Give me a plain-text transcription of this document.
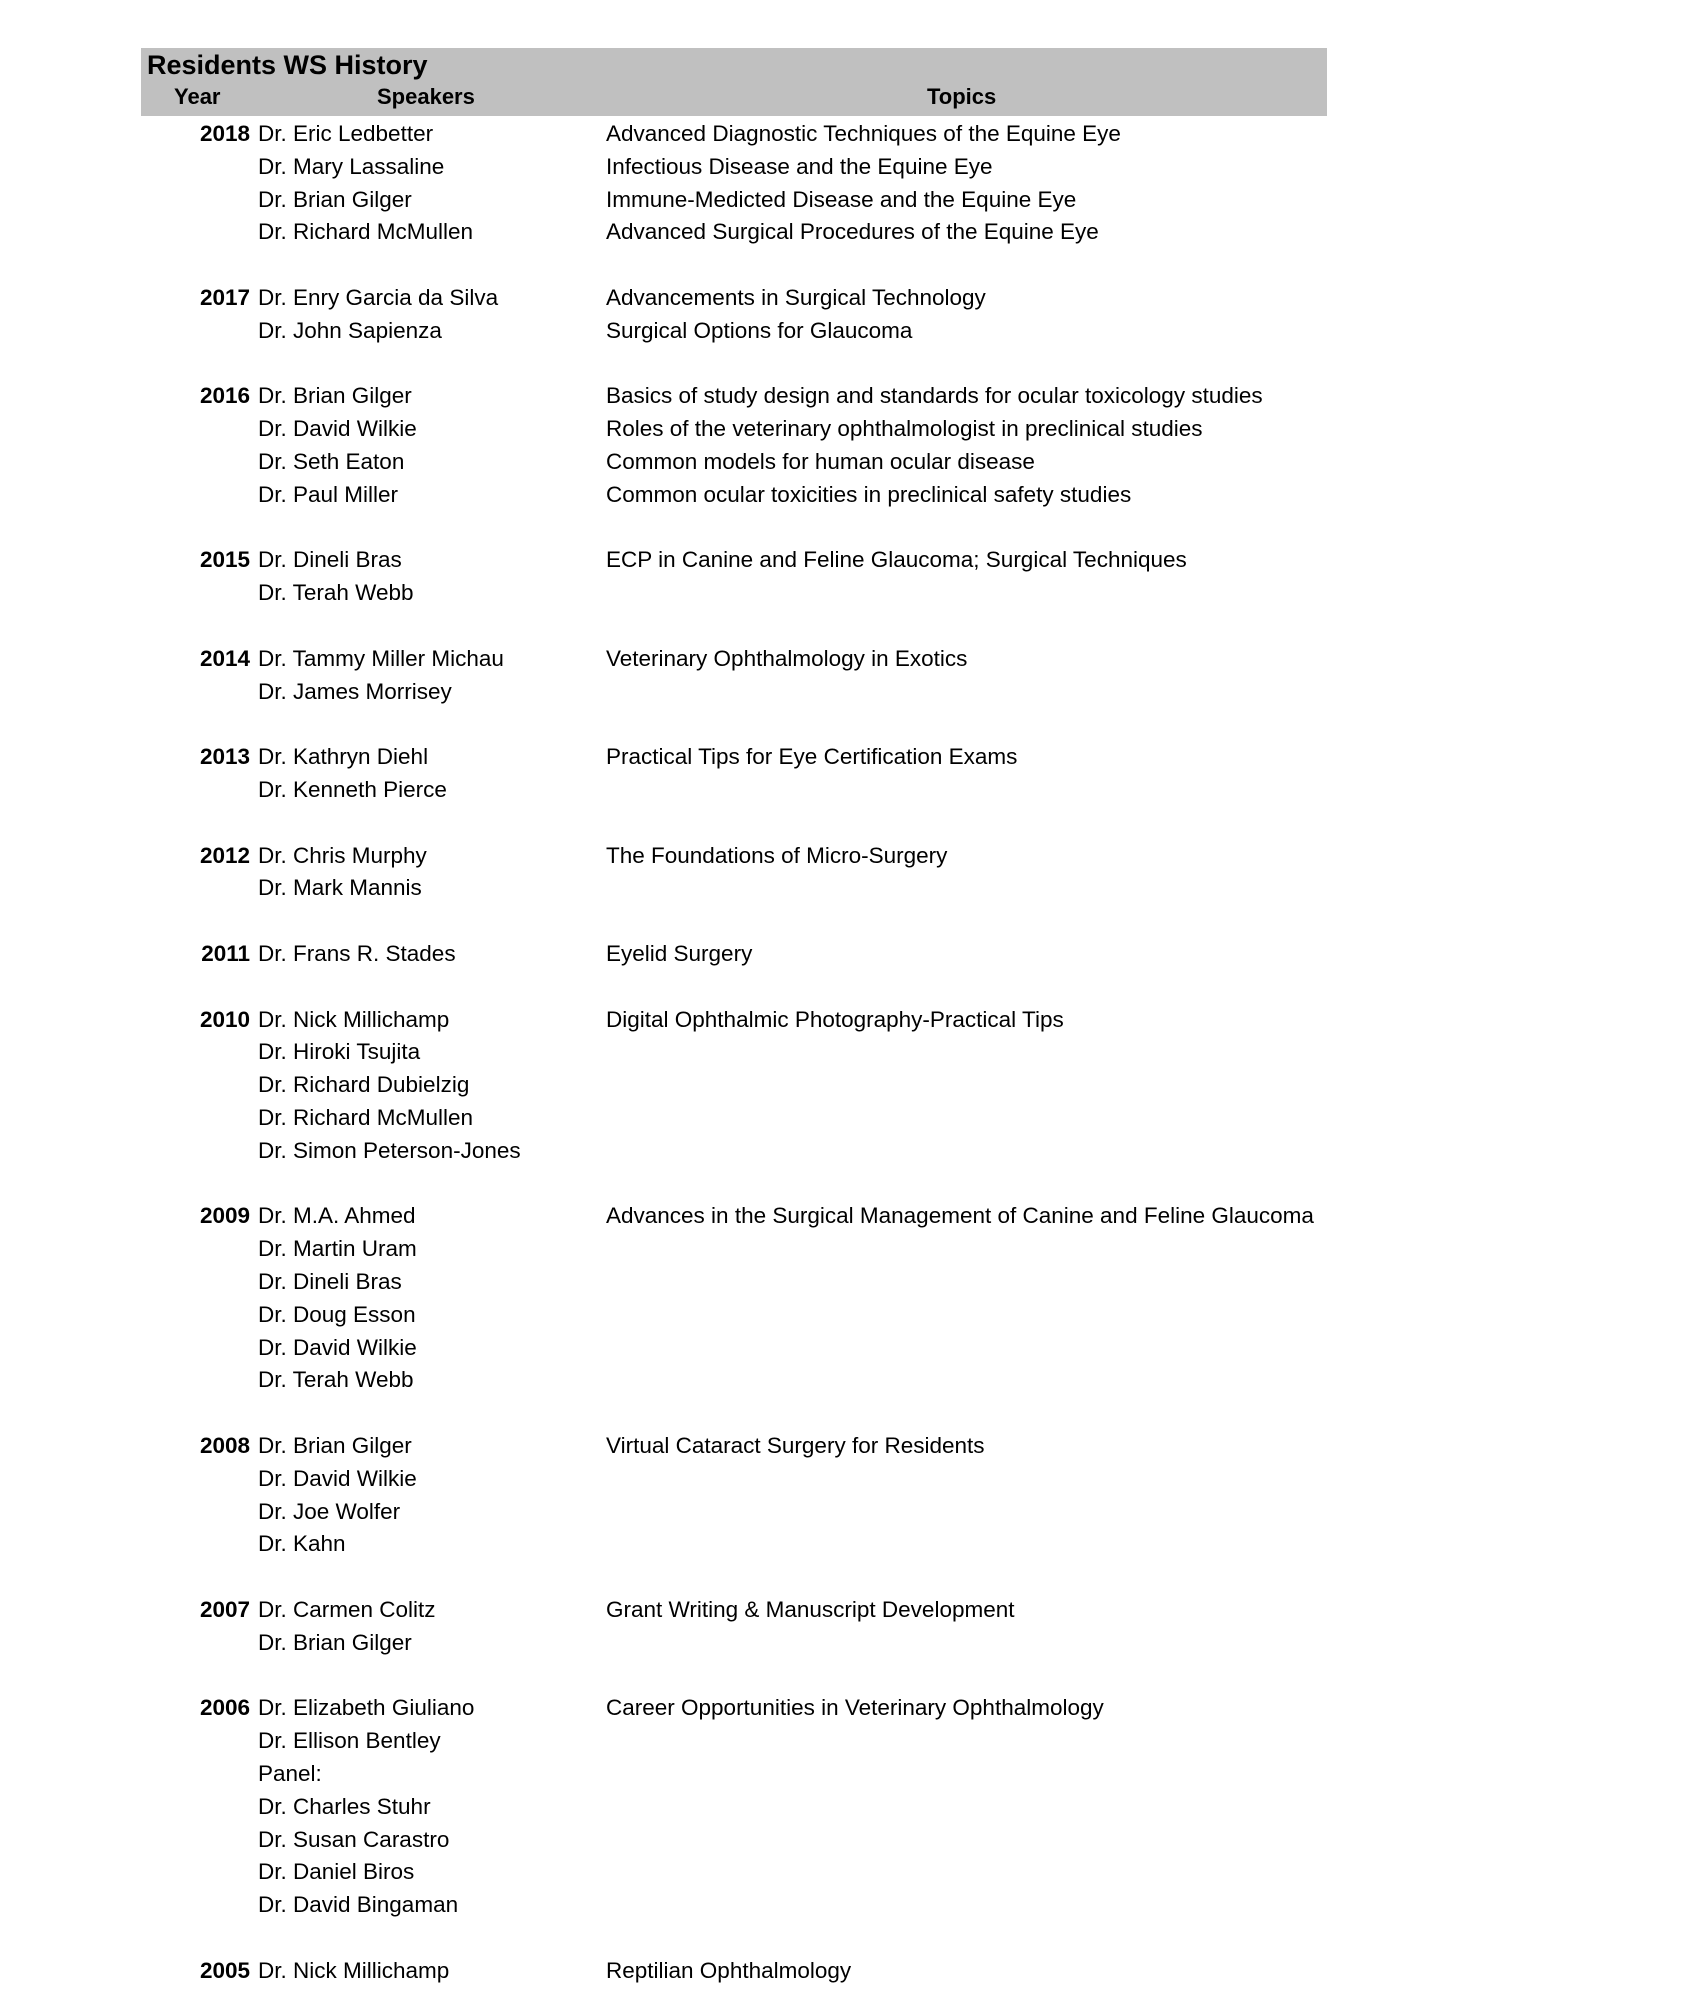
Residents WS History
Year	Speakers	Topics
2018 Dr. Eric Ledbetter	Advanced Diagnostic Techniques of the Equine Eye
Dr. Mary Lassaline	Infectious Disease and the Equine Eye
Dr. Brian Gilger	Immune-Medicted Disease and the Equine Eye
Dr. Richard McMullen	Advanced Surgical Procedures of the Equine Eye
2017 Dr. Enry Garcia da Silva	Advancements in Surgical Technology
Dr. John Sapienza	Surgical Options for Glaucoma
2016 Dr. Brian Gilger	Basics of study design and standards for ocular toxicology studies
Dr. David Wilkie	Roles of the veterinary ophthalmologist in preclinical studies
Dr. Seth Eaton	Common models for human ocular disease
Dr. Paul Miller	Common ocular toxicities in preclinical safety studies
2015 Dr. Dineli Bras	ECP in Canine and Feline Glaucoma; Surgical Techniques
Dr. Terah Webb
2014 Dr. Tammy Miller Michau	Veterinary Ophthalmology in Exotics
Dr. James Morrisey
2013 Dr. Kathryn Diehl	Practical Tips for Eye Certification Exams
Dr. Kenneth Pierce
2012 Dr. Chris Murphy	The Foundations of Micro-Surgery
Dr. Mark Mannis
2011 Dr. Frans R. Stades	Eyelid Surgery
2010 Dr. Nick Millichamp	Digital Ophthalmic Photography-Practical Tips
Dr. Hiroki Tsujita
Dr. Richard Dubielzig
Dr. Richard McMullen
Dr. Simon Peterson-Jones
2009 Dr. M.A. Ahmed	Advances in the Surgical Management of Canine and Feline Glaucoma
Dr. Martin Uram
Dr. Dineli Bras
Dr. Doug Esson
Dr. David Wilkie
Dr. Terah Webb
2008 Dr. Brian Gilger	Virtual Cataract Surgery for Residents
Dr. David Wilkie
Dr. Joe Wolfer
Dr. Kahn
2007 Dr. Carmen Colitz	Grant Writing & Manuscript Development
Dr. Brian Gilger
2006 Dr. Elizabeth Giuliano	Career Opportunities in Veterinary Ophthalmology
Dr. Ellison Bentley
Panel:
Dr. Charles Stuhr
Dr. Susan Carastro
Dr. Daniel Biros
Dr. David Bingaman
2005 Dr. Nick Millichamp	Reptilian Ophthalmology
